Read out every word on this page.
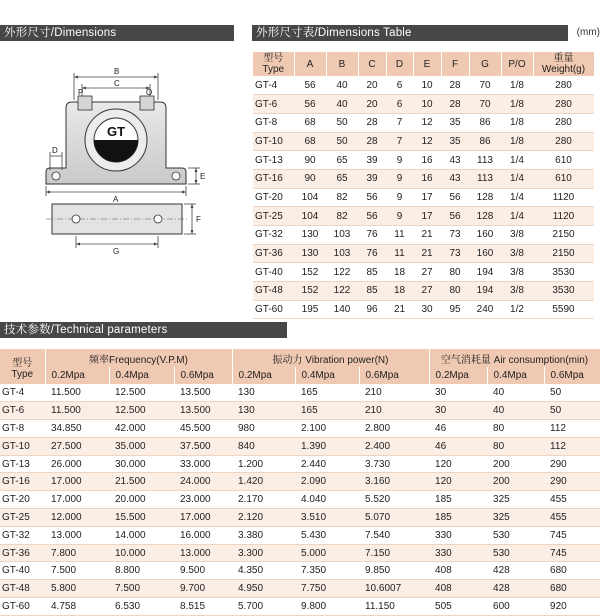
外形尺寸/Dimensions	外形尺寸表/Dimensions Table	(mm)
GT
B
C
P	O
D
E
A
F
G
型号
Type	A	B	C	D	E	F	G	P/O	重量
Weight(g)
GT-4	56	40	20	6	10	28	70	1/8	280
GT-6	56	40	20	6	10	28	70	1/8	280
GT-8	68	50	28	7	12	35	86	1/8	280
GT-10	68	50	28	7	12	35	86	1/8	280
GT-13	90	65	39	9	16	43	113	1/4	610
GT-16	90	65	39	9	16	43	113	1/4	610
GT-20	104	82	56	9	17	56	128	1/4	1120
GT-25	104	82	56	9	17	56	128	1/4	1120
GT-32	130	103	76	11	21	73	160	3/8	2150
GT-36	130	103	76	11	21	73	160	3/8	2150
GT-40	152	122	85	18	27	80	194	3/8	3530
GT-48	152	122	85	18	27	80	194	3/8	3530
GT-60	195	140	96	21	30	95	240	1/2	5590
技术参数/Technical parameters
型号
Type	频率Frequency(V.P.M)			振动力 Vibration power(N)			空气消耗量 Air consumption(min)		
	0.2Mpa	0.4Mpa	0.6Mpa	0.2Mpa	0.4Mpa	0.6Mpa	0.2Mpa	0.4Mpa	0.6Mpa
GT-4	11.500	12.500	13.500	130	165	210	30	40	50
GT-6	11.500	12.500	13.500	130	165	210	30	40	50
GT-8	34.850	42.000	45.500	980	2.100	2.800	46	80	112
GT-10	27.500	35.000	37.500	840	1.390	2.400	46	80	112
GT-13	26.000	30.000	33.000	1.200	2.440	3.730	120	200	290
GT-16	17.000	21.500	24.000	1.420	2.090	3.160	120	200	290
GT-20	17.000	20.000	23.000	2.170	4.040	5.520	185	325	455
GT-25	12.000	15.500	17.000	2.120	3.510	5.070	185	325	455
GT-32	13.000	14.000	16.000	3.380	5.430	7.540	330	530	745
GT-36	7.800	10.000	13.000	3.300	5.000	7.150	330	530	745
GT-40	7.500	8.800	9.500	4.350	7.350	9.850	408	428	680
GT-48	5.800	7.500	9.700	4.950	7.750	10.6007	408	428	680
GT-60	4.758	6.530	8.515	5.700	9.800	11.150	505	600	920
